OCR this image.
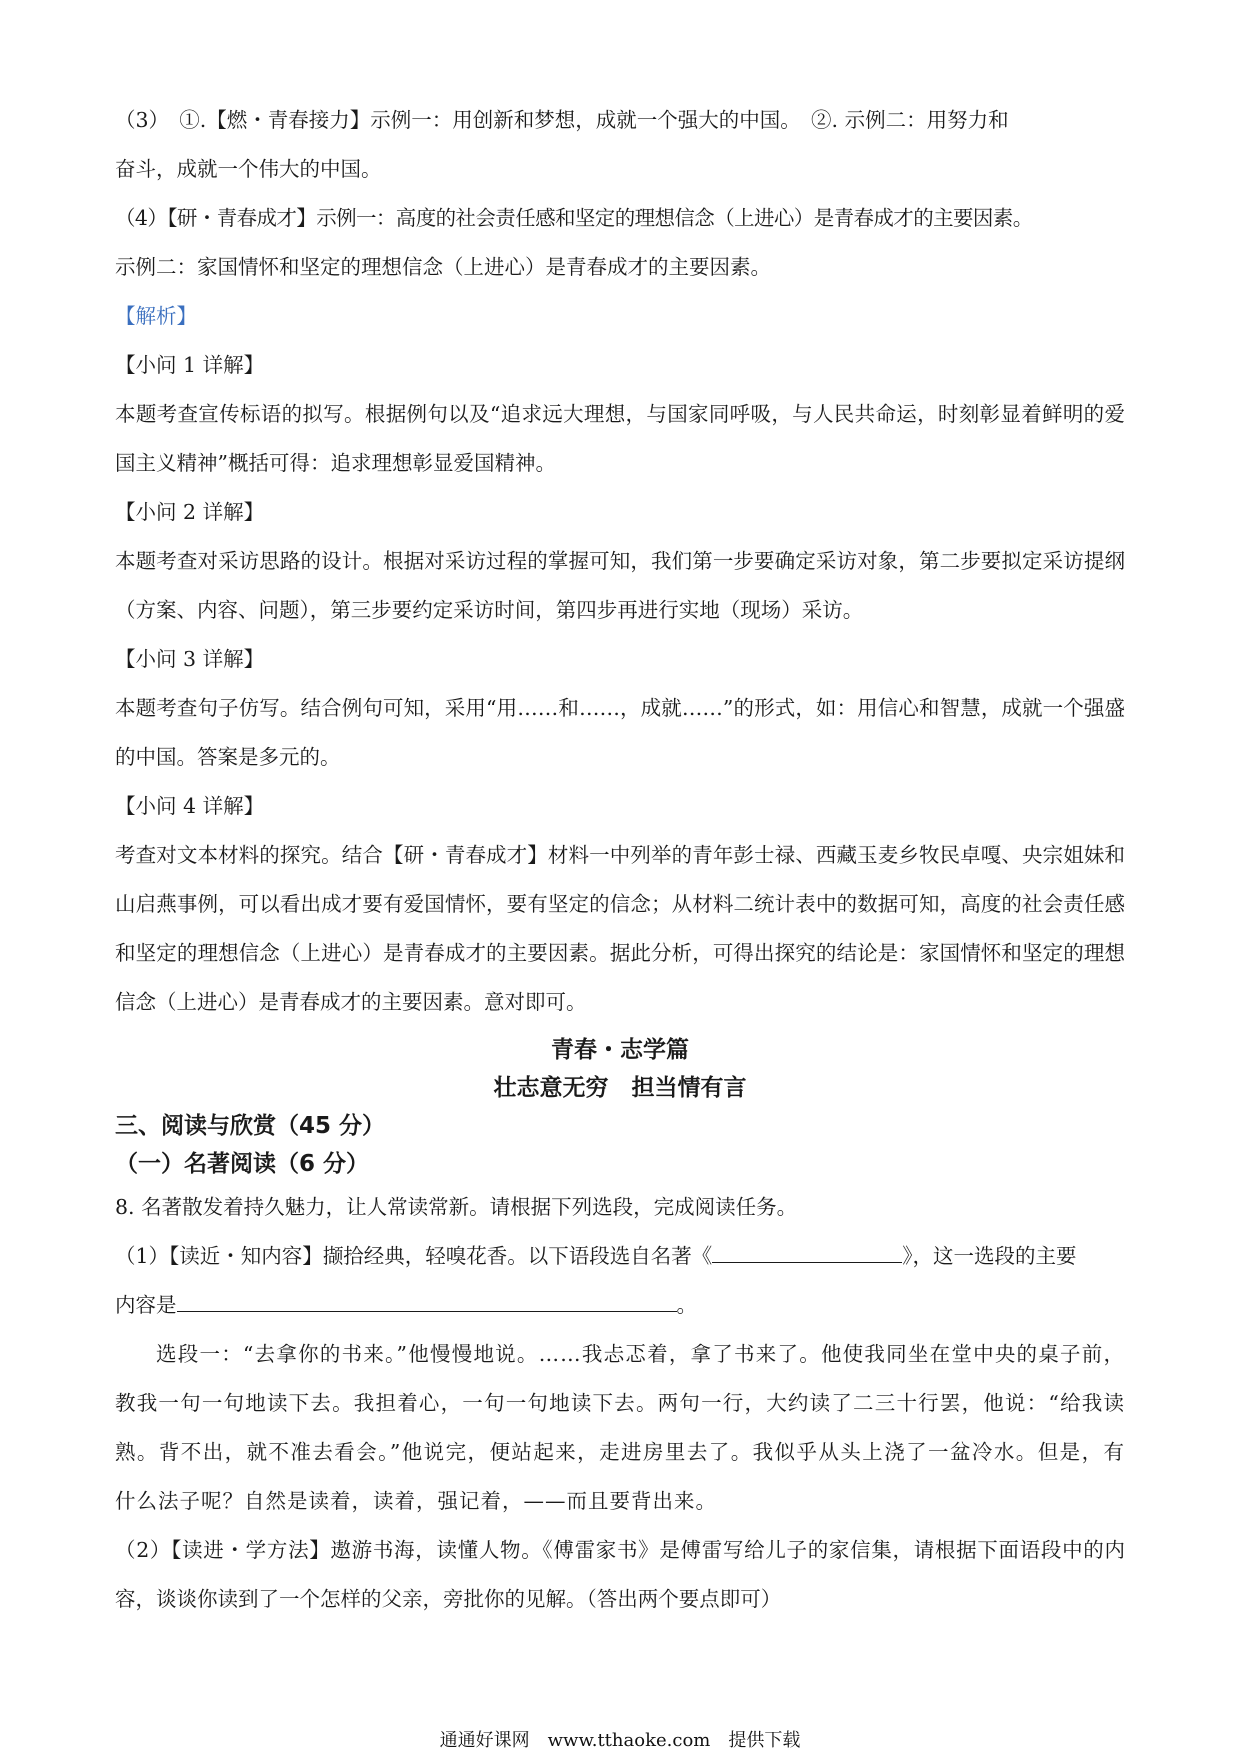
（3）　①.【燃・青春接力】示例一：用创新和梦想，成就一个强大的中国。　②. 示例二：用努力和

奋斗，成就一个伟大的中国。

（4）【研・青春成才】示例一：高度的社会责任感和坚定的理想信念（上进心）是青春成才的主要因素。

示例二：家国情怀和坚定的理想信念（上进心）是青春成才的主要因素。

【解析】

【小问 1 详解】

本题考查宣传标语的拟写。根据例句以及“追求远大理想，与国家同呼吸，与人民共命运，时刻彰显着鲜明的爱国主义精神”概括可得：追求理想彰显爱国精神。

【小问 2 详解】

本题考查对采访思路的设计。根据对采访过程的掌握可知，我们第一步要确定采访对象，第二步要拟定采访提纲（方案、内容、问题），第三步要约定采访时间，第四步再进行实地（现场）采访。

【小问 3 详解】

本题考查句子仿写。结合例句可知，采用“用……和……，成就……”的形式，如：用信心和智慧，成就一个强盛的中国。答案是多元的。

【小问 4 详解】

考查对文本材料的探究。结合【研・青春成才】材料一中列举的青年彭士禄、西藏玉麦乡牧民卓嘎、央宗姐妹和山启燕事例，可以看出成才要有爱国情怀，要有坚定的信念；从材料二统计表中的数据可知，高度的社会责任感和坚定的理想信念（上进心）是青春成才的主要因素。据此分析，可得出探究的结论是：家国情怀和坚定的理想信念（上进心）是青春成才的主要因素。意对即可。

青春・志学篇

壮志意无穷　担当情有言

三、阅读与欣赏（45 分）

（一）名著阅读（6 分）

8. 名著散发着持久魅力，让人常读常新。请根据下列选段，完成阅读任务。

（1）【读近・知内容】撷拾经典，轻嗅花香。以下语段选自名著《	》，这一选段的主要

内容是	。

选段一：“去拿你的书来。”他慢慢地说。……我忐忑着，拿了书来了。他使我同坐在堂中央的桌子前，教我一句一句地读下去。我担着心，一句一句地读下去。两句一行，大约读了二三十行罢，他说：“给我读熟。背不出，就不准去看会。”他说完，便站起来，走进房里去了。我似乎从头上浇了一盆冷水。但是，有什么法子呢？自然是读着，读着，强记着，——而且要背出来。

（2）【读进・学方法】遨游书海，读懂人物。《傅雷家书》是傅雷写给儿子的家信集，请根据下面语段中的内容，谈谈你读到了一个怎样的父亲，旁批你的见解。（答出两个要点即可）

通通好课网　www.tthaoke.com　提供下载
